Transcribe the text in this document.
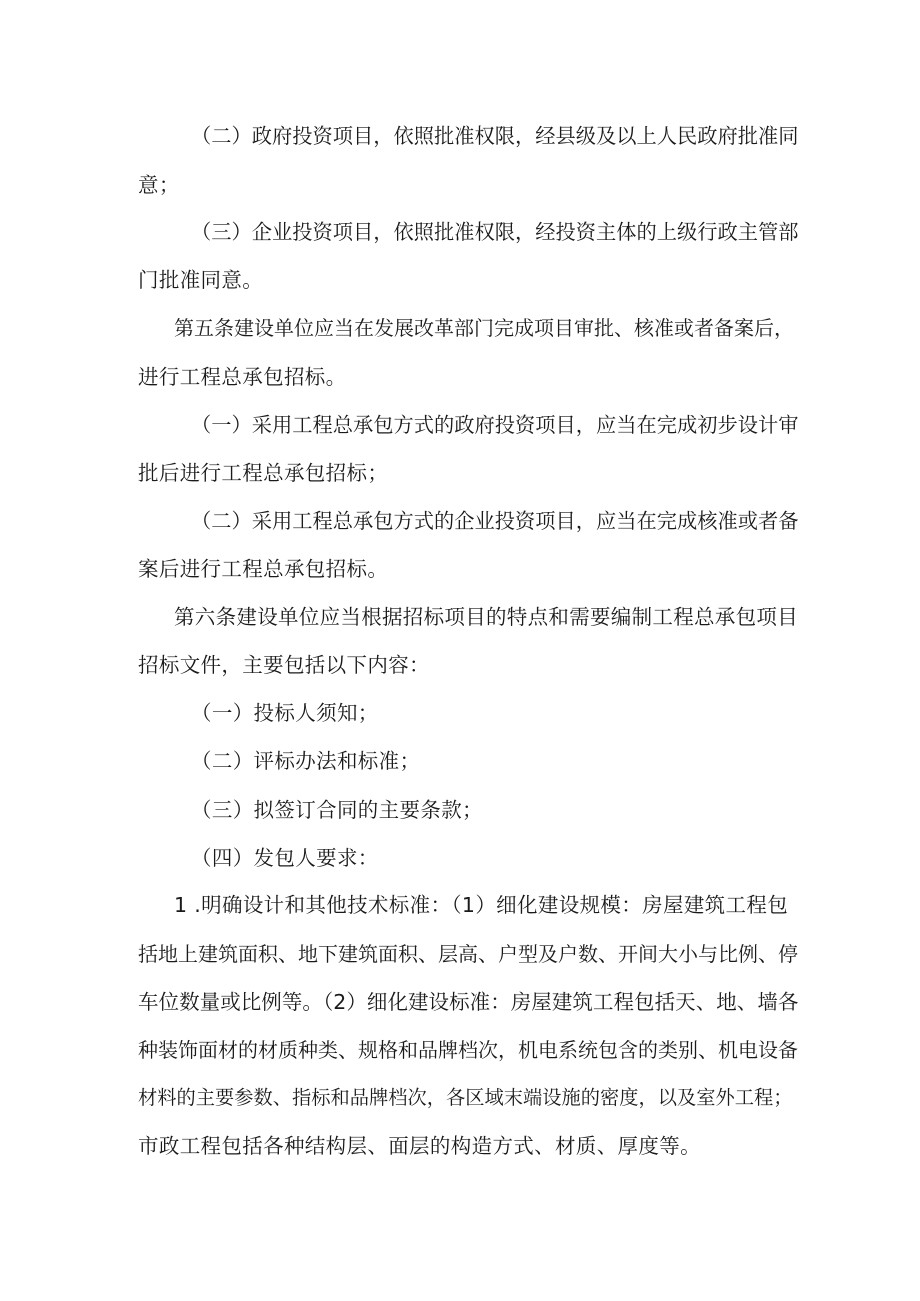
（二）政府投资项目，依照批准权限，经县级及以上人民政府批准同

意；

（三）企业投资项目，依照批准权限，经投资主体的上级行政主管部

门批准同意。

第五条建设单位应当在发展改革部门完成项目审批、核准或者备案后，

进行工程总承包招标。

（一）采用工程总承包方式的政府投资项目，应当在完成初步设计审

批后进行工程总承包招标；

（二）采用工程总承包方式的企业投资项目，应当在完成核准或者备

案后进行工程总承包招标。

第六条建设单位应当根据招标项目的特点和需要编制工程总承包项目

招标文件，主要包括以下内容：

（一）投标人须知；

（二）评标办法和标准；

（三）拟签订合同的主要条款；

（四）发包人要求：

1 .明确设计和其他技术标准：（1）细化建设规模：房屋建筑工程包

括地上建筑面积、地下建筑面积、层高、户型及户数、开间大小与比例、停

车位数量或比例等。（2）细化建设标准：房屋建筑工程包括天、地、墙各

种装饰面材的材质种类、规格和品牌档次，机电系统包含的类别、机电设备

材料的主要参数、指标和品牌档次，各区域末端设施的密度，以及室外工程；

市政工程包括各种结构层、面层的构造方式、材质、厚度等。
